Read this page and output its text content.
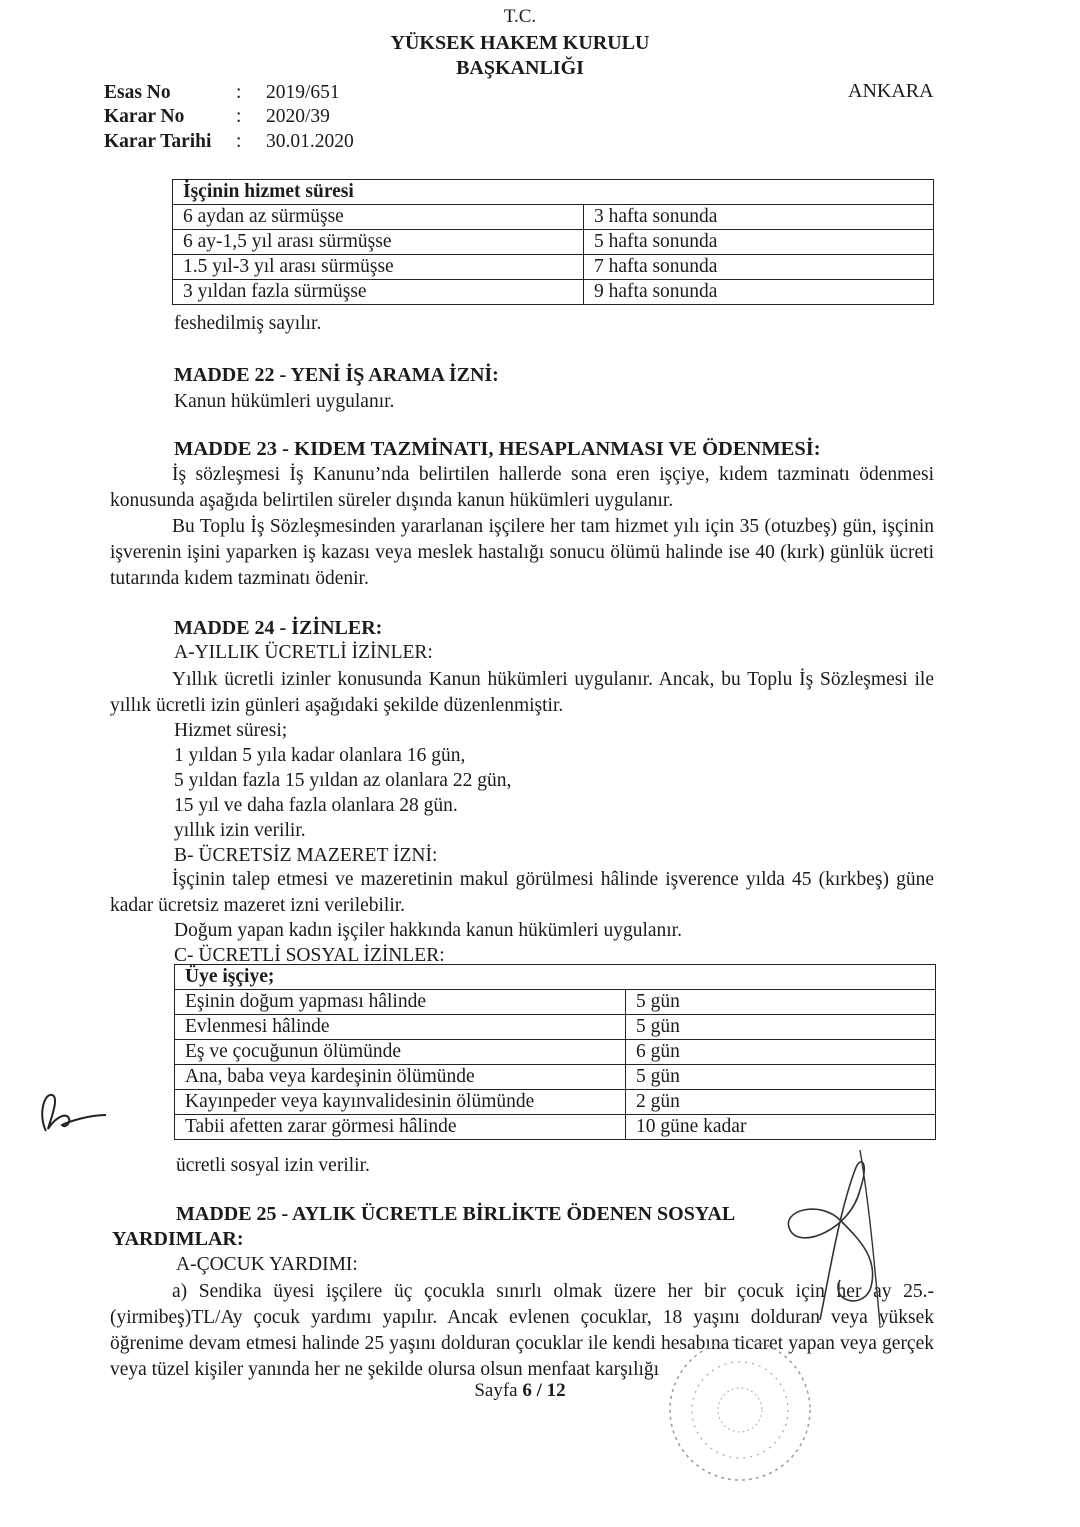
T.C.
YÜKSEK HAKEM KURULU
BAŞKANLIĞI
ANKARA
Esas No	: 2019/651
Karar No	: 2020/39
Karar Tarihi : 30.01.2020
İşçinin hizmet süresi	
6 aydan az sürmüşse	3 hafta sonunda
6 ay-1,5 yıl arası sürmüşse	5 hafta sonunda
1.5 yıl-3 yıl arası sürmüşse	7 hafta sonunda
3 yıldan fazla sürmüşse	9 hafta sonunda
feshedilmiş sayılır.
MADDE 22 - YENİ İŞ ARAMA İZNİ:
Kanun hükümleri uygulanır.
MADDE 23 - KIDEM TAZMİNATI, HESAPLANMASI VE ÖDENMESİ:

İş sözleşmesi İş Kanunu’nda belirtilen hallerde sona eren işçiye, kıdem tazminatı ödenmesi konusunda aşağıda belirtilen süreler dışında kanun hükümleri uygulanır.

Bu Toplu İş Sözleşmesinden yararlanan işçilere her tam hizmet yılı için 35 (otuzbeş) gün, işçinin işverenin işini yaparken iş kazası veya meslek hastalığı sonucu ölümü halinde ise 40 (kırk) günlük ücreti tutarında kıdem tazminatı ödenir.

MADDE 24 - İZİNLER:
A-YILLIK ÜCRETLİ İZİNLER:

Yıllık ücretli izinler konusunda Kanun hükümleri uygulanır. Ancak, bu Toplu İş Sözleşmesi ile yıllık ücretli izin günleri aşağıdaki şekilde düzenlenmiştir.

Hizmet süresi;
1 yıldan 5 yıla kadar olanlara 16 gün,
5 yıldan fazla 15 yıldan az olanlara 22 gün,
15 yıl ve daha fazla olanlara 28 gün.
yıllık izin verilir.
B- ÜCRETSİZ MAZERET İZNİ:

İşçinin talep etmesi ve mazeretinin makul görülmesi hâlinde işverence yılda 45 (kırkbeş) güne kadar ücretsiz mazeret izni verilebilir.

Doğum yapan kadın işçiler hakkında kanun hükümleri uygulanır.
C- ÜCRETLİ SOSYAL İZİNLER:
Üye işçiye;	
Eşinin doğum yapması hâlinde	5 gün
Evlenmesi hâlinde	5 gün
Eş ve çocuğunun ölümünde	6 gün
Ana, baba veya kardeşinin ölümünde	5 gün
Kayınpeder veya kayınvalidesinin ölümünde	2 gün
Tabii afetten zarar görmesi hâlinde	10 güne kadar
ücretli sosyal izin verilir.
MADDE 25 - AYLIK ÜCRETLE BİRLİKTE ÖDENEN SOSYAL
YARDIMLAR:
A-ÇOCUK YARDIMI:

a) Sendika üyesi işçilere üç çocukla sınırlı olmak üzere her bir çocuk için her ay 25.- (yirmibeş)TL/Ay çocuk yardımı yapılır. Ancak evlenen çocuklar, 18 yaşını dolduran veya yüksek öğrenime devam etmesi halinde 25 yaşını dolduran çocuklar ile kendi hesabına ticaret yapan veya gerçek veya tüzel kişiler yanında her ne şekilde olursa olsun menfaat karşılığı

Sayfa 6 / 12
